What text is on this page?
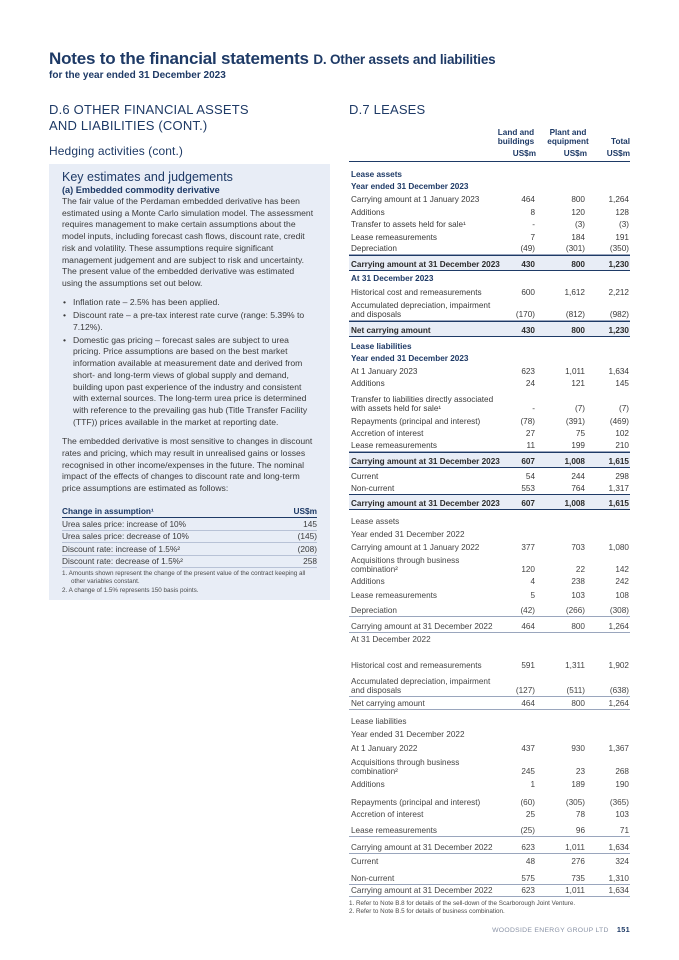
Notes to the financial statements D. Other assets and liabilities
for the year ended 31 December 2023
D.6 OTHER FINANCIAL ASSETS
AND LIABILITIES (CONT.)
Hedging activities (cont.)
Key estimates and judgements
(a) Embedded commodity derivative
The fair value of the Perdaman embedded derivative has been estimated using a Monte Carlo simulation model. The assessment requires management to make certain assumptions about the model inputs, including forecast cash flows, discount rate, credit risk and volatility. These assumptions require significant management judgement and are subject to risk and uncertainty. The present value of the embedded derivative was estimated using the assumptions set out below.
• Inflation rate – 2.5% has been applied.
• Discount rate – a pre-tax interest rate curve (range: 5.39% to 7.12%).
• Domestic gas pricing – forecast sales are subject to urea pricing. Price assumptions are based on the best market information available at measurement date and derived from short- and long-term views of global supply and demand, building upon past experience of the industry and consistent with external sources. The long-term urea price is determined with reference to the prevailing gas hub (Title Transfer Facility (TTF)) prices available in the market at reporting date.
The embedded derivative is most sensitive to changes in discount rates and pricing, which may result in unrealised gains or losses recognised in other income/expenses in the future. The nominal impact of the effects of changes to discount rate and long-term price assumptions are estimated as follows:
Change in assumption¹	US$m
Urea sales price: increase of 10%	145
Urea sales price: decrease of 10%	(145)
Discount rate: increase of 1.5%²	(208)
Discount rate: decrease of 1.5%²	258
1. Amounts shown represent the change of the present value of the contract keeping all other variables constant.
2. A change of 1.5% represents 150 basis points.
D.7 LEASES
Land and
buildings
Plant and
equipment	Total
US$m	US$m	US$m
Lease assets
Year ended 31 December 2023
Carrying amount at 1 January 2023	464	800	1,264
Additions	8	120	128
Transfer to assets held for sale¹	-	(3)	(3)
Lease remeasurements	7	184	191
Depreciation	(49)	(301)	(350)
Carrying amount at 31 December 2023	430	800	1,230
At 31 December 2023
Historical cost and remeasurements	600	1,612	2,212
Accumulated depreciation, impairment and disposals	(170)	(812)	(982)
Net carrying amount	430	800	1,230
Lease liabilities
Year ended 31 December 2023
At 1 January 2023	623	1,011	1,634
Additions	24	121	145
Transfer to liabilities directly associated with assets held for sale¹	-	(7)	(7)
Repayments (principal and interest)	(78)	(391)	(469)
Accretion of interest	27	75	102
Lease remeasurements	11	199	210
Carrying amount at 31 December 2023	607	1,008	1,615
Current	54	244	298
Non-current	553	764	1,317
Carrying amount at 31 December 2023	607	1,008	1,615
Lease assets
Year ended 31 December 2022
Carrying amount at 1 January 2022	377	703	1,080
Acquisitions through business combination²	120	22	142
Additions	4	238	242
Lease remeasurements	5	103	108
Depreciation	(42)	(266)	(308)
Carrying amount at 31 December 2022	464	800	1,264
At 31 December 2022
Historical cost and remeasurements	591	1,311	1,902
Accumulated depreciation, impairment and disposals	(127)	(511)	(638)
Net carrying amount	464	800	1,264
Lease liabilities
Year ended 31 December 2022
At 1 January 2022	437	930	1,367
Acquisitions through business combination²	245	23	268
Additions	1	189	190
Repayments (principal and interest)	(60)	(305)	(365)
Accretion of interest	25	78	103
Lease remeasurements	(25)	96	71
Carrying amount at 31 December 2022	623	1,011	1,634
Current	48	276	324
Non-current	575	735	1,310
Carrying amount at 31 December 2022	623	1,011	1,634
1. Refer to Note B.8 for details of the sell-down of the Scarborough Joint Venture.
2. Refer to Note B.5 for details of business combination.
WOODSIDE ENERGY GROUP LTD 151
